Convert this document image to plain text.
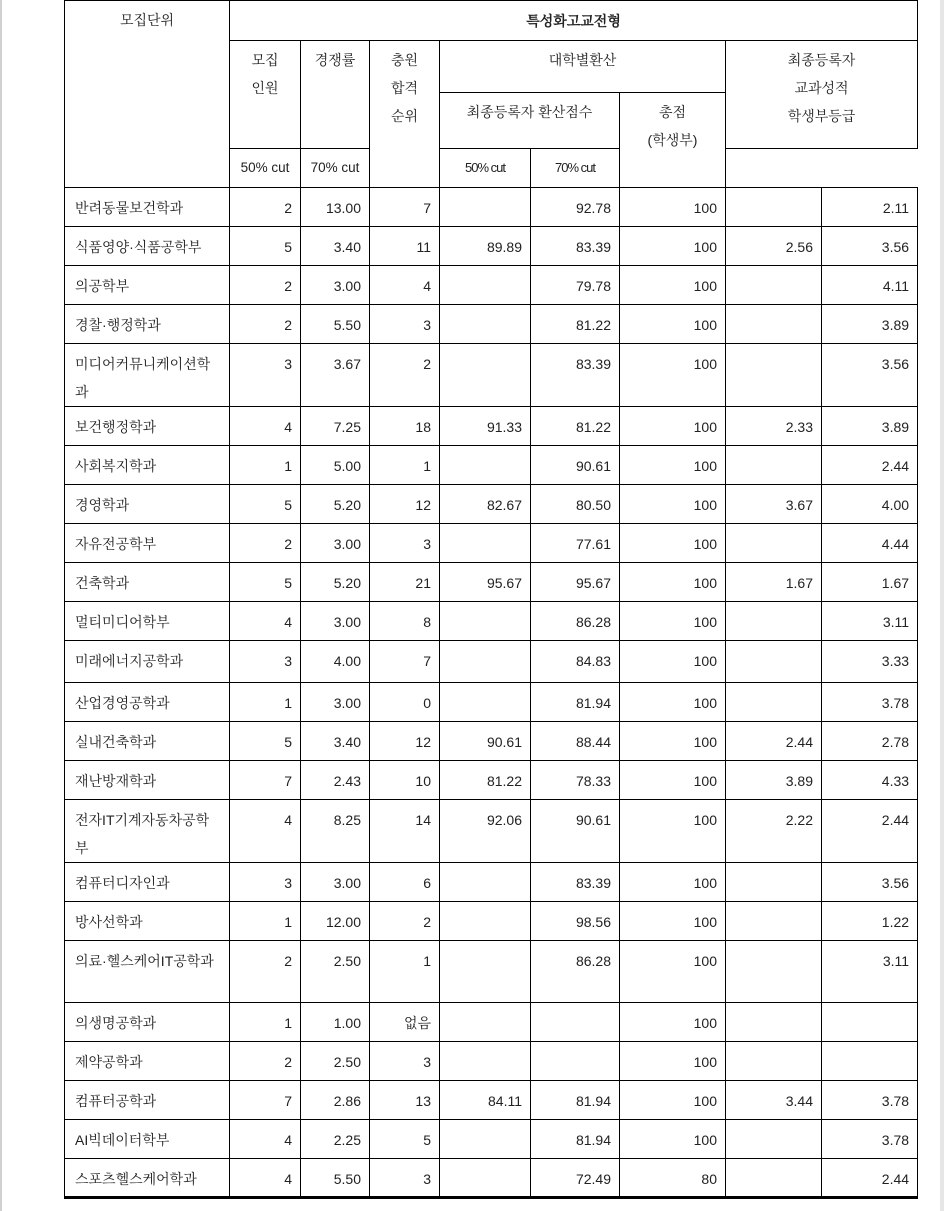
모집단위	특성화고교전형							
	모집
인원	경쟁률	충원
합격
순위	대학별환산			최종등록자
교과성적
학생부등급	
				최종등록자 환산점수		총점
(학생부)		
	50% cut	70% cut		50% cut	70% cut			
반려동물보건학과	2	13.00	7		92.78	100		2.11
식품영양·식품공학부	5	3.40	11	89.89	83.39	100	2.56	3.56
의공학부	2	3.00	4		79.78	100		4.11
경찰·행정학과	2	5.50	3		81.22	100		3.89
미디어커뮤니케이션학과	3	3.67	2		83.39	100		3.56
보건행정학과	4	7.25	18	91.33	81.22	100	2.33	3.89
사회복지학과	1	5.00	1		90.61	100		2.44
경영학과	5	5.20	12	82.67	80.50	100	3.67	4.00
자유전공학부	2	3.00	3		77.61	100		4.44
건축학과	5	5.20	21	95.67	95.67	100	1.67	1.67
멀티미디어학부	4	3.00	8		86.28	100		3.11
미래에너지공학과	3	4.00	7		84.83	100		3.33
산업경영공학과	1	3.00	0		81.94	100		3.78
실내건축학과	5	3.40	12	90.61	88.44	100	2.44	2.78
재난방재학과	7	2.43	10	81.22	78.33	100	3.89	4.33
전자IT기계자동차공학부	4	8.25	14	92.06	90.61	100	2.22	2.44
컴퓨터디자인과	3	3.00	6		83.39	100		3.56
방사선학과	1	12.00	2		98.56	100		1.22
의료·헬스케어IT공학과	2	2.50	1		86.28	100		3.11
의생명공학과	1	1.00	없음			100		
제약공학과	2	2.50	3			100		
컴퓨터공학과	7	2.86	13	84.11	81.94	100	3.44	3.78
AI빅데이터학부	4	2.25	5		81.94	100		3.78
스포츠헬스케어학과	4	5.50	3		72.49	80		2.44
